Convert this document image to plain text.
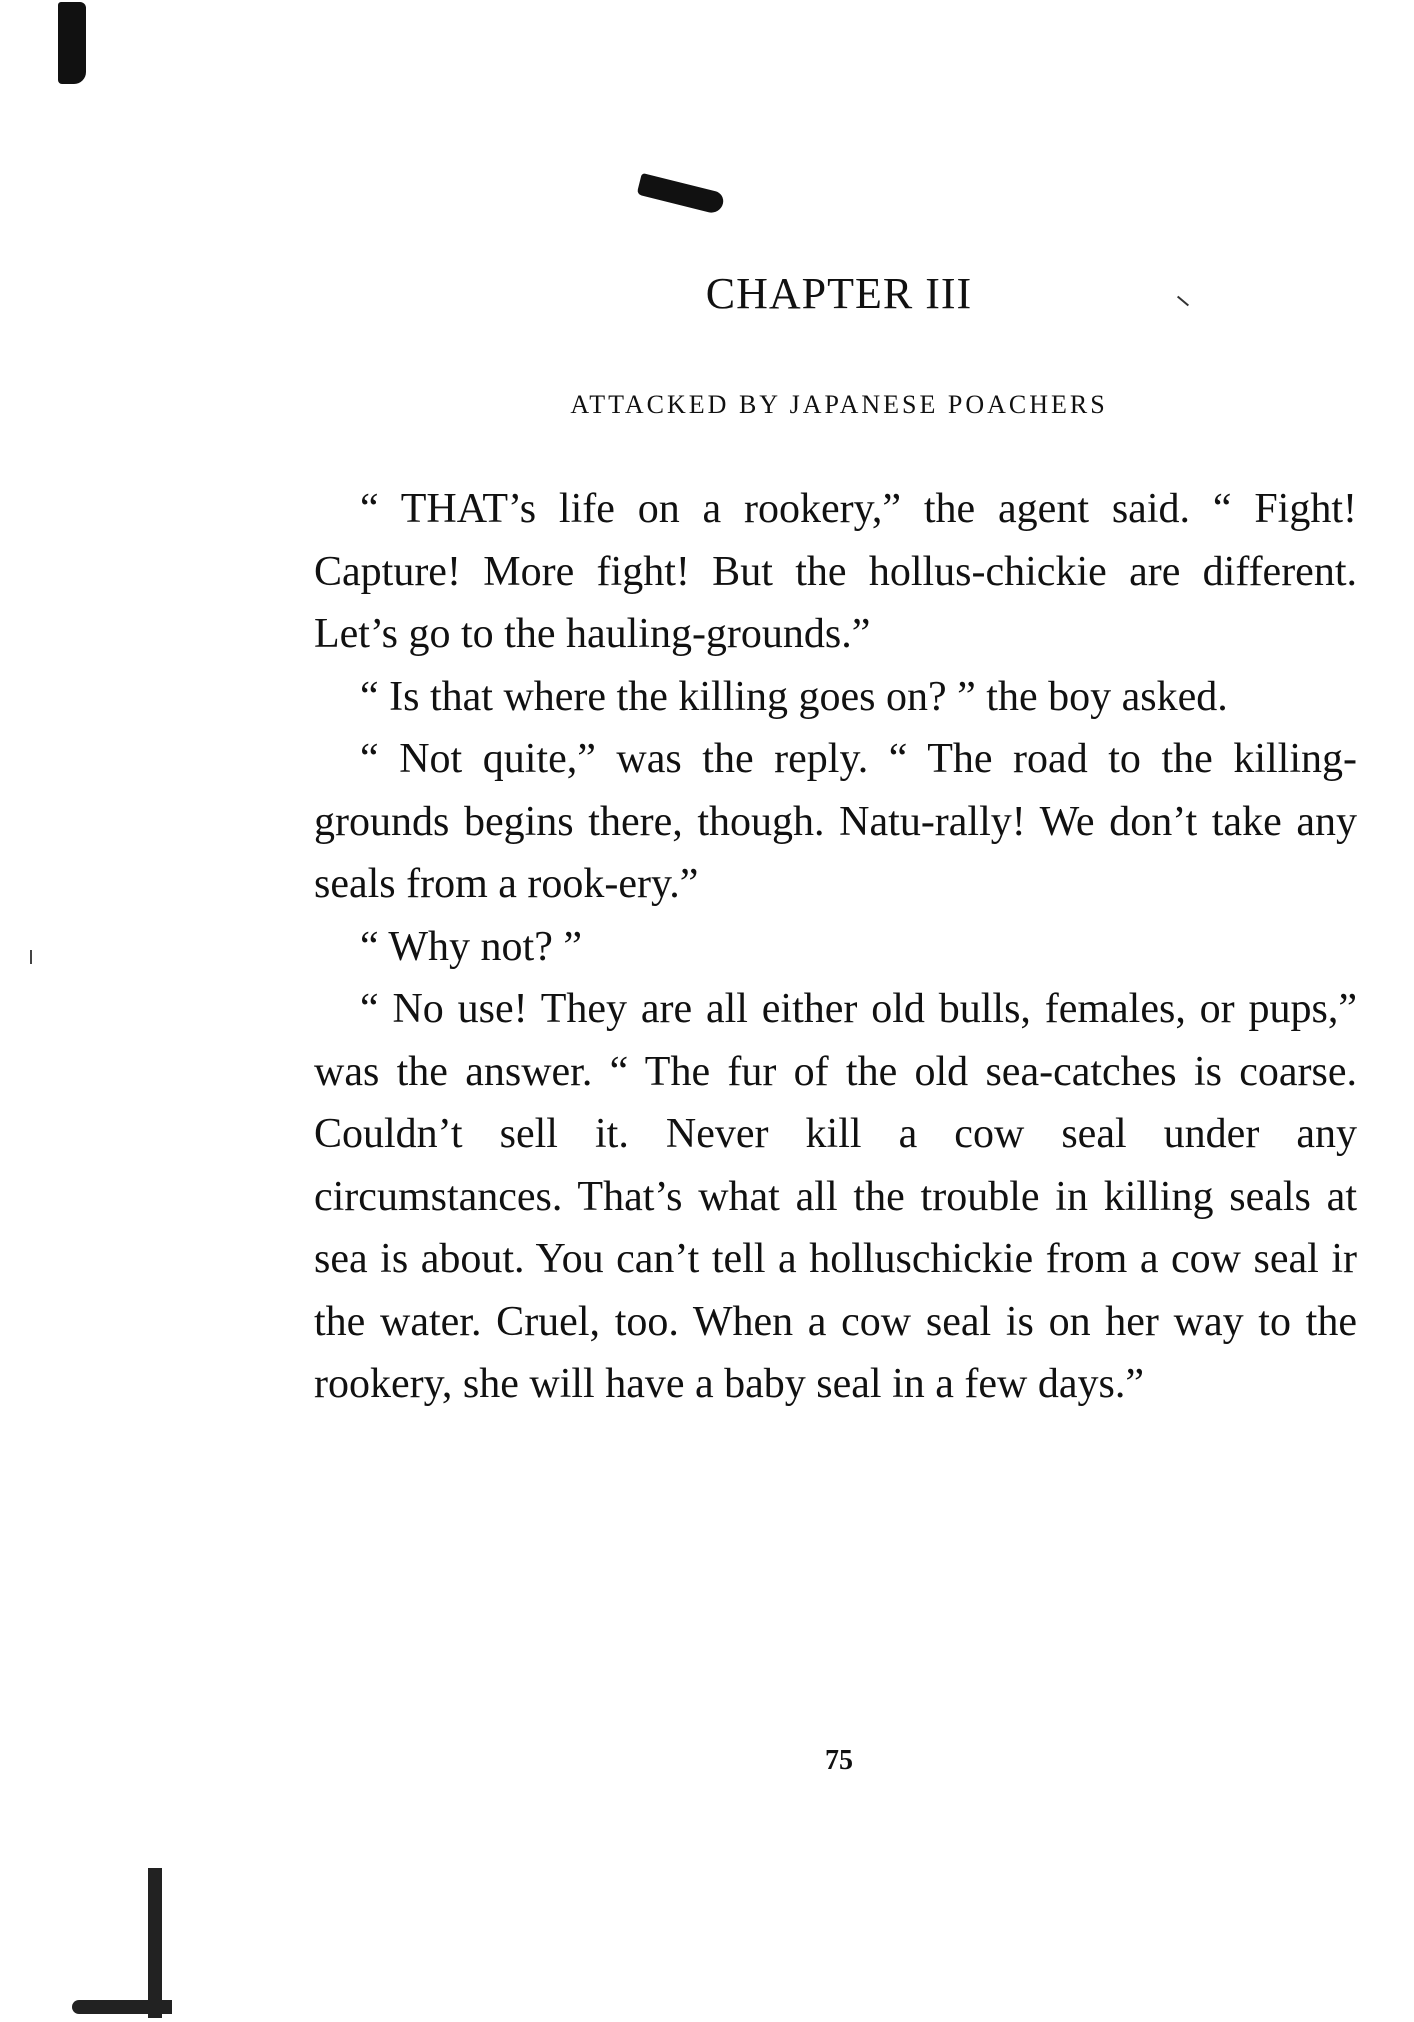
CHAPTER III
ATTACKED BY JAPANESE POACHERS

“ THAT’s life on a rookery,” the agent said. “ Fight! Capture! More fight! But the hollus-chickie are different. Let’s go to the hauling-grounds.”

“ Is that where the killing goes on? ” the boy asked.

“ Not quite,” was the reply. “ The road to the killing-grounds begins there, though. Natu-rally! We don’t take any seals from a rook-ery.”

“ Why not? ”

“ No use! They are all either old bulls, females, or pups,” was the answer. “ The fur of the old sea-catches is coarse. Couldn’t sell it. Never kill a cow seal under any circumstances. That’s what all the trouble in killing seals at sea is about. You can’t tell a holluschickie from a cow seal ir the water. Cruel, too. When a cow seal is on her way to the rookery, she will have a baby seal in a few days.”

75
